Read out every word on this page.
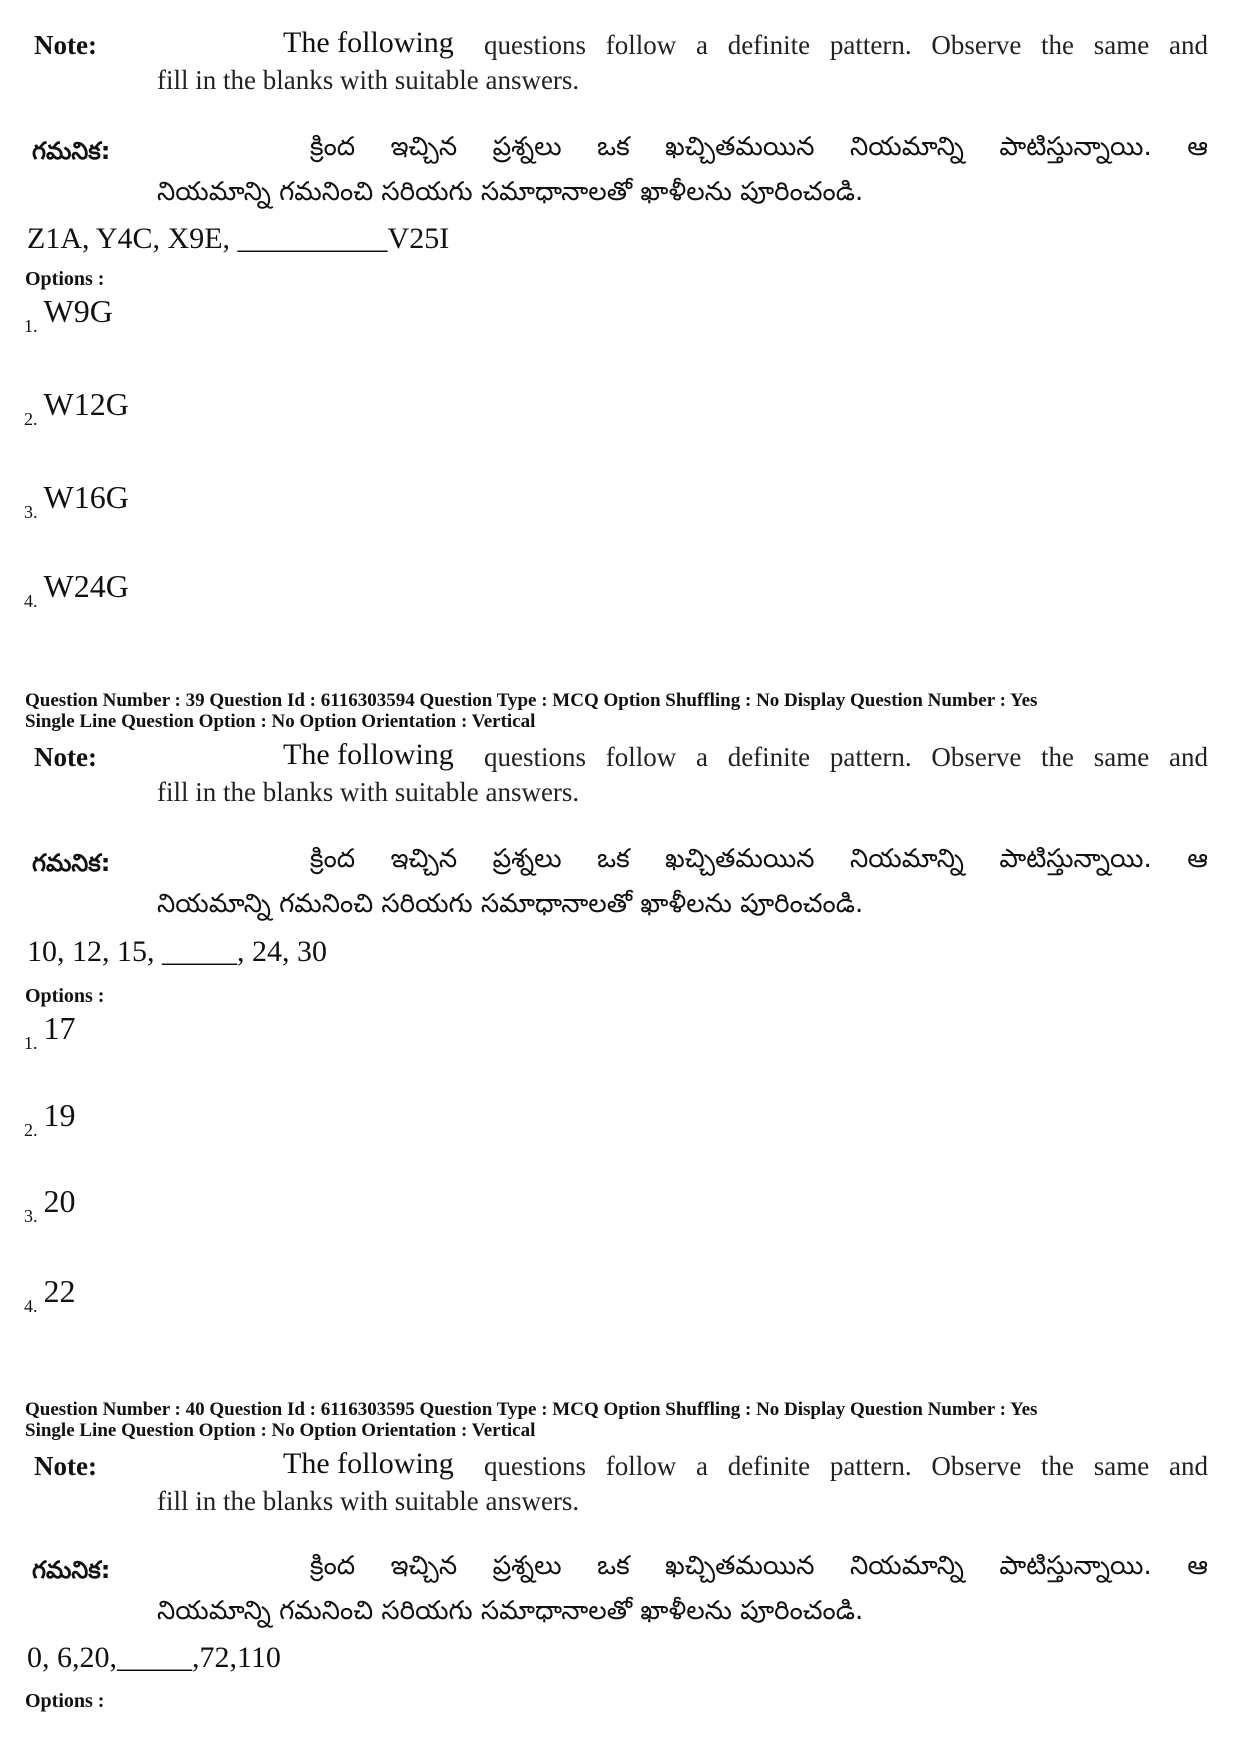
Note:	The following questions follow a definite pattern. Observe the same and
fill in the blanks with suitable answers.
గమనిక:	క్రింద ఇచ్చిన ప్రశ్నలు ఒక ఖచ్చితమయిన నియమాన్ని పాటిస్తున్నాయి. ఆ
నియమాన్ని గమనించి సరియగు సమాధానాలతో ఖాళీలను పూరించండి.
Z1A, Y4C, X9E, __________V25I
Options :
1. W9G
2. W12G
3. W16G
4. W24G
Question Number : 39 Question Id : 6116303594 Question Type : MCQ Option Shuffling : No Display Question Number : Yes
Single Line Question Option : No Option Orientation : Vertical
Note:	The following questions follow a definite pattern. Observe the same and
fill in the blanks with suitable answers.
గమనిక:	క్రింద ఇచ్చిన ప్రశ్నలు ఒక ఖచ్చితమయిన నియమాన్ని పాటిస్తున్నాయి. ఆ
నియమాన్ని గమనించి సరియగు సమాధానాలతో ఖాళీలను పూరించండి.
10, 12, 15, _____, 24, 30
Options :
1. 17
2. 19
3. 20
4. 22
Question Number : 40 Question Id : 6116303595 Question Type : MCQ Option Shuffling : No Display Question Number : Yes
Single Line Question Option : No Option Orientation : Vertical
Note:	The following questions follow a definite pattern. Observe the same and
fill in the blanks with suitable answers.
గమనిక:	క్రింద ఇచ్చిన ప్రశ్నలు ఒక ఖచ్చితమయిన నియమాన్ని పాటిస్తున్నాయి. ఆ
నియమాన్ని గమనించి సరియగు సమాధానాలతో ఖాళీలను పూరించండి.
0, 6,20,_____,72,110
Options :
